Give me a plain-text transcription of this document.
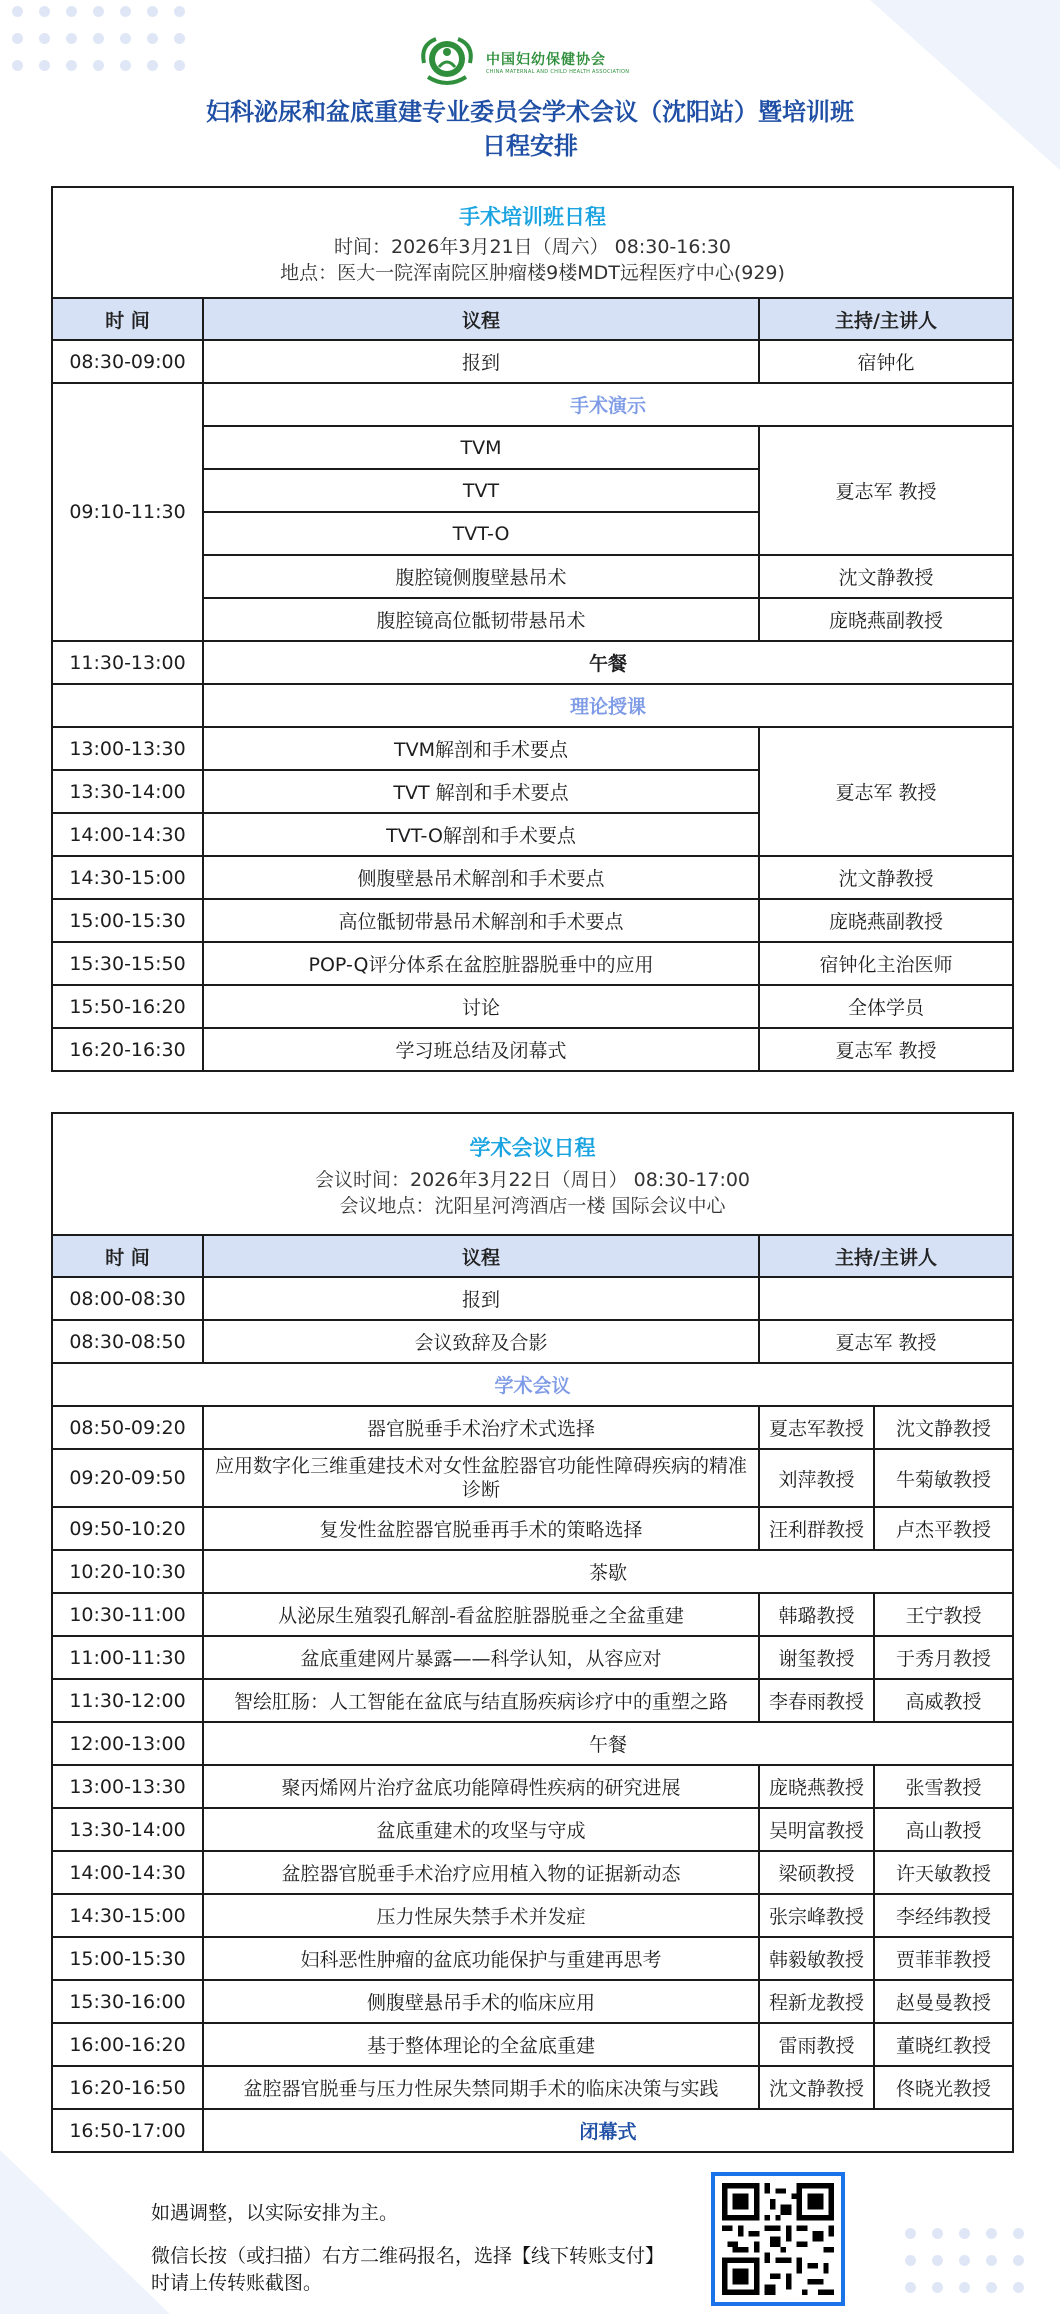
中国妇幼保健协会
CHINA MATERNAL AND CHILD HEALTH ASSOCIATION
妇科泌尿和盆底重建专业委员会学术会议（沈阳站）暨培训班
日程安排
手术培训班日程
时间：2026年3月21日（周六） 08:30-16:30
地点：医大一院浑南院区肿瘤楼9楼MDT远程医疗中心(929)		

时 间	议程	主持/主讲人
08:30-09:00	报到	宿钟化
09:10-11:30	手术演示	
	TVM	夏志军 教授
	TVT	
	TVT-O	
	腹腔镜侧腹壁悬吊术	沈文静教授
	腹腔镜高位骶韧带悬吊术	庞晓燕副教授
11:30-13:00	午餐	
	理论授课	
13:00-13:30	TVM解剖和手术要点	夏志军 教授
13:30-14:00	TVT 解剖和手术要点	
14:00-14:30	TVT-O解剖和手术要点	
14:30-15:00	侧腹壁悬吊术解剖和手术要点	沈文静教授
15:00-15:30	高位骶韧带悬吊术解剖和手术要点	庞晓燕副教授
15:30-15:50	POP-Q评分体系在盆腔脏器脱垂中的应用	宿钟化主治医师
15:50-16:20	讨论	全体学员
16:20-16:30	学习班总结及闭幕式	夏志军 教授
学术会议日程
会议时间：2026年3月22日（周日） 08:30-17:00
会议地点：沈阳星河湾酒店一楼 国际会议中心			

时 间	议程	主持/主讲人	
08:00-08:30	报到		
08:30-08:50	会议致辞及合影	夏志军 教授	
学术会议			
08:50-09:20	器官脱垂手术治疗术式选择	夏志军教授	沈文静教授
09:20-09:50	应用数字化三维重建技术对女性盆腔器官功能性障碍疾病的精准诊断	刘萍教授	牛菊敏教授
09:50-10:20	复发性盆腔器官脱垂再手术的策略选择	汪利群教授	卢杰平教授
10:20-10:30	茶歇		
10:30-11:00	从泌尿生殖裂孔解剖-看盆腔脏器脱垂之全盆重建	韩璐教授	王宁教授
11:00-11:30	盆底重建网片暴露——科学认知，从容应对	谢玺教授	于秀月教授
11:30-12:00	智绘肛肠：人工智能在盆底与结直肠疾病诊疗中的重塑之路	李春雨教授	高威教授
12:00-13:00	午餐		
13:00-13:30	聚丙烯网片治疗盆底功能障碍性疾病的研究进展	庞晓燕教授	张雪教授
13:30-14:00	盆底重建术的攻坚与守成	吴明富教授	高山教授
14:00-14:30	盆腔器官脱垂手术治疗应用植入物的证据新动态	梁硕教授	许天敏教授
14:30-15:00	压力性尿失禁手术并发症	张宗峰教授	李经纬教授
15:00-15:30	妇科恶性肿瘤的盆底功能保护与重建再思考	韩毅敏教授	贾菲菲教授
15:30-16:00	侧腹壁悬吊手术的临床应用	程新龙教授	赵曼曼教授
16:00-16:20	基于整体理论的全盆底重建	雷雨教授	董晓红教授
16:20-16:50	盆腔器官脱垂与压力性尿失禁同期手术的临床决策与实践	沈文静教授	佟晓光教授
16:50-17:00	闭幕式		
如遇调整，以实际安排为主。
微信长按（或扫描）右方二维码报名，选择【线下转账支付】时请上传转账截图。
